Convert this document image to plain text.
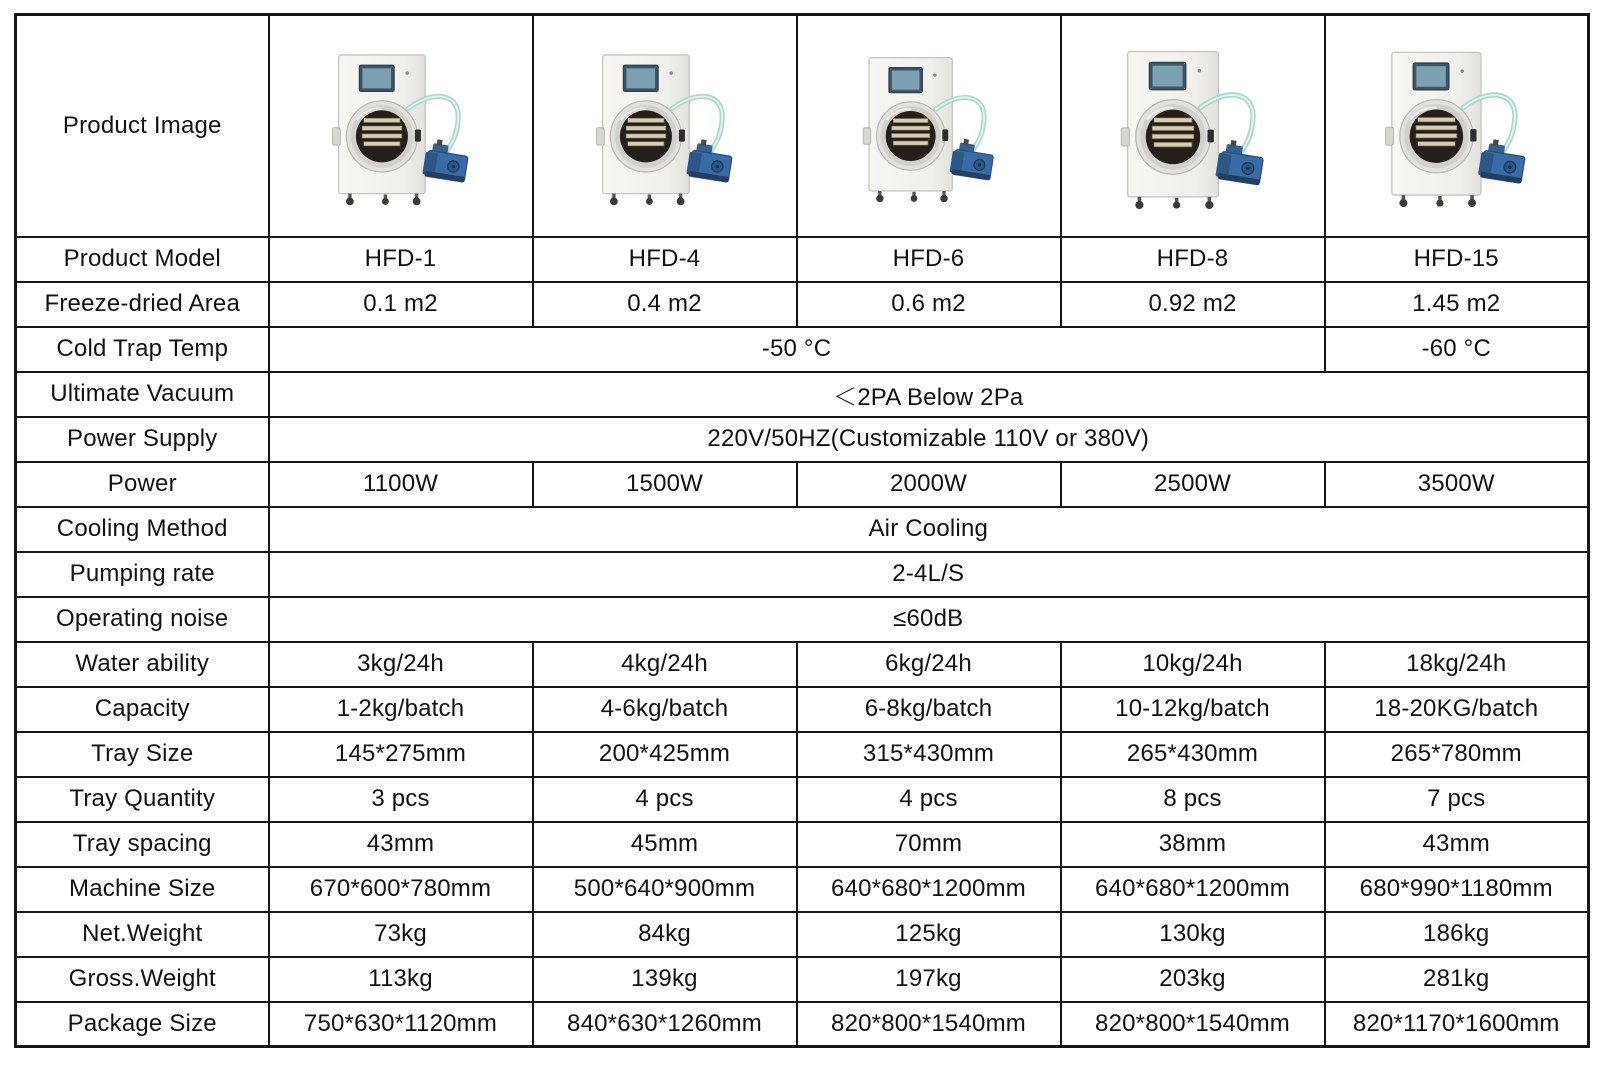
Product Image	

Product Model	HFD-1	HFD-4	HFD-6	HFD-8	HFD-15
Freeze-dried Area	0.1 m2	0.4 m2	0.6 m2	0.92 m2	1.45 m2
Cold Trap Temp	-50 °C				-60 °C
Ultimate Vacuum	＜2PA Below 2Pa				
Power Supply	220V/50HZ(Customizable 110V or 380V)				
Power	1100W	1500W	2000W	2500W	3500W
Cooling Method	Air Cooling				
Pumping rate	2-4L/S				
Operating noise	≤60dB				
Water ability	3kg/24h	4kg/24h	6kg/24h	10kg/24h	18kg/24h
Capacity	1-2kg/batch	4-6kg/batch	6-8kg/batch	10-12kg/batch	18-20KG/batch
Tray Size	145*275mm	200*425mm	315*430mm	265*430mm	265*780mm
Tray Quantity	3 pcs	4 pcs	4 pcs	8 pcs	7 pcs
Tray spacing	43mm	45mm	70mm	38mm	43mm
Machine Size	670*600*780mm	500*640*900mm	640*680*1200mm	640*680*1200mm	680*990*1180mm
Net.Weight	73kg	84kg	125kg	130kg	186kg
Gross.Weight	113kg	139kg	197kg	203kg	281kg
Package Size	750*630*1120mm	840*630*1260mm	820*800*1540mm	820*800*1540mm	820*1170*1600mm
